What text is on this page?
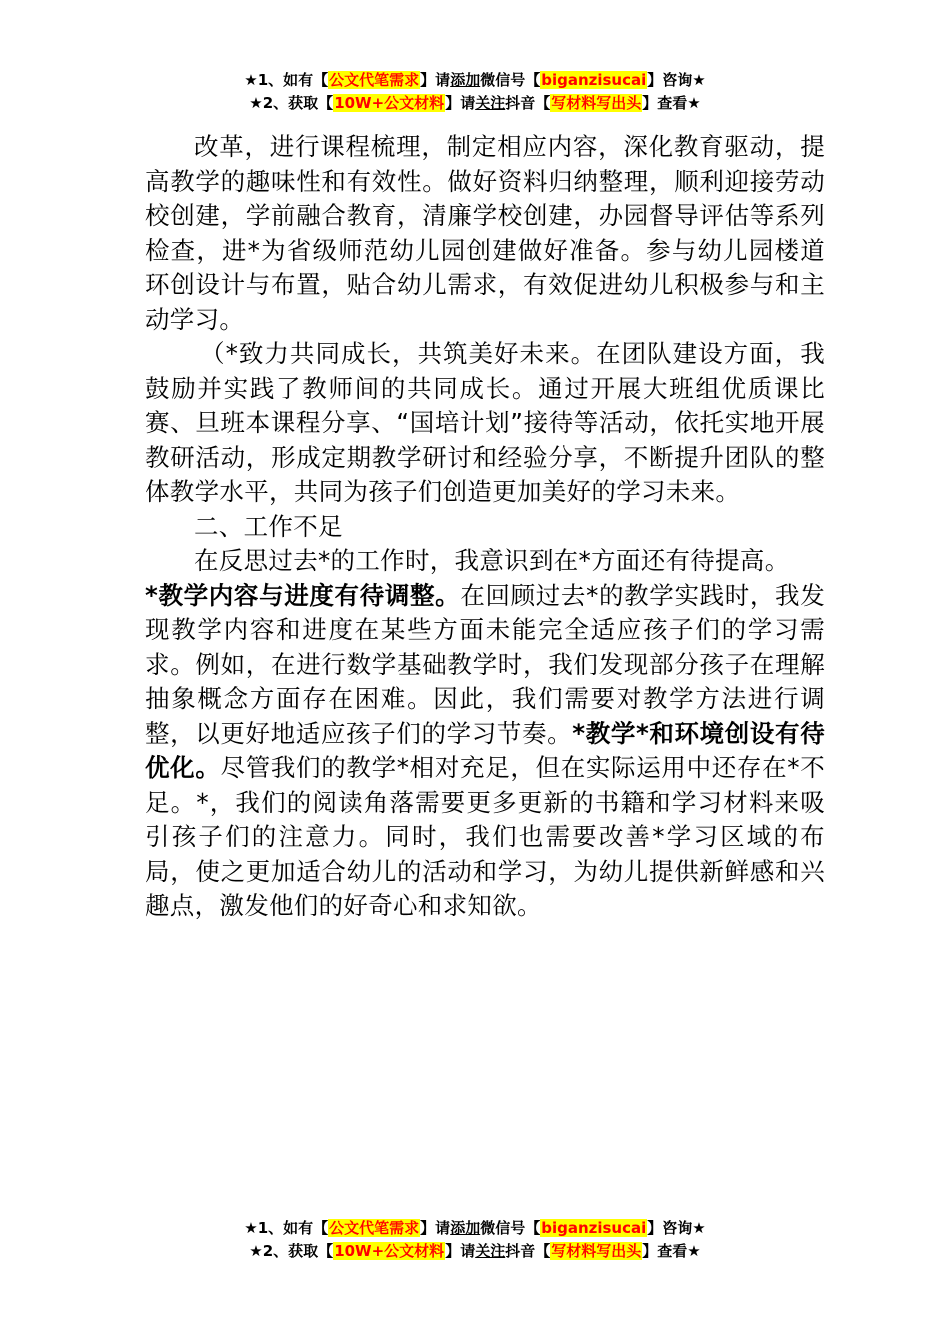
★1、如有【公文代笔需求】请添加微信号【biganzisucai】咨询★
★2、获取【10W+公文材料】请关注抖音【写材料写出头】查看★

改革，进行课程梳理，制定相应内容，深化教育驱动，提高教学的趣味性和有效性。做好资料归纳整理，顺利迎接劳动校创建，学前融合教育，清廉学校创建，办园督导评估等系列检查，进*为省级师范幼儿园创建做好准备。参与幼儿园楼道环创设计与布置，贴合幼儿需求，有效促进幼儿积极参与和主动学习。

（*致力共同成长，共筑美好未来。在团队建设方面，我鼓励并实践了教师间的共同成长。通过开展大班组优质课比赛、旦班本课程分享、“国培计划”接待等活动，依托实地开展教研活动，形成定期教学研讨和经验分享，不断提升团队的整体教学水平，共同为孩子们创造更加美好的学习未来。

二、工作不足

在反思过去*的工作时，我意识到在*方面还有待提高。

*教学内容与进度有待调整。在回顾过去*的教学实践时，我发现教学内容和进度在某些方面未能完全适应孩子们的学习需求。例如，在进行数学基础教学时，我们发现部分孩子在理解抽象概念方面存在困难。因此，我们需要对教学方法进行调整，以更好地适应孩子们的学习节奏。*教学*和环境创设有待优化。尽管我们的教学*相对充足，但在实际运用中还存在*不足。*，我们的阅读角落需要更多更新的书籍和学习材料来吸引孩子们的注意力。同时，我们也需要改善*学习区域的布局，使之更加适合幼儿的活动和学习，为幼儿提供新鲜感和兴趣点，激发他们的好奇心和求知欲。

★1、如有【公文代笔需求】请添加微信号【biganzisucai】咨询★
★2、获取【10W+公文材料】请关注抖音【写材料写出头】查看★
